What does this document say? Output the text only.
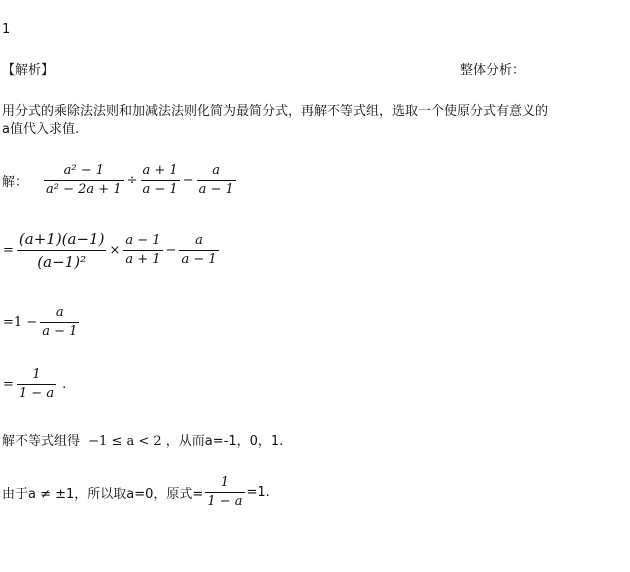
1
【解析】	整体分析：
用分式的乘除法法则和加减法法则化简为最简分式，再解不等式组，选取一个使原分式有意义的
a值代入求值.
解： $\frac{\text{a² − 1}}{\text{a² − 2a + 1}} \div \frac{a + 1}{a - 1} - \frac{a}{a - 1}$
= $\frac{(a+1)(a-1)}{\text{(a−1)²}} \times \frac{a - 1}{a + 1} - \frac{a}{a - 1}$
$=1 - \frac{a}{a - 1}$
= $\frac{1}{1 - a}$ .
解不等式组得 −1 ≤ a < 2 ，从而a=-1，0，1.
由于a ≠ ±1，所以取a=0，原式= $\frac{1}{1 - a} =1$.
